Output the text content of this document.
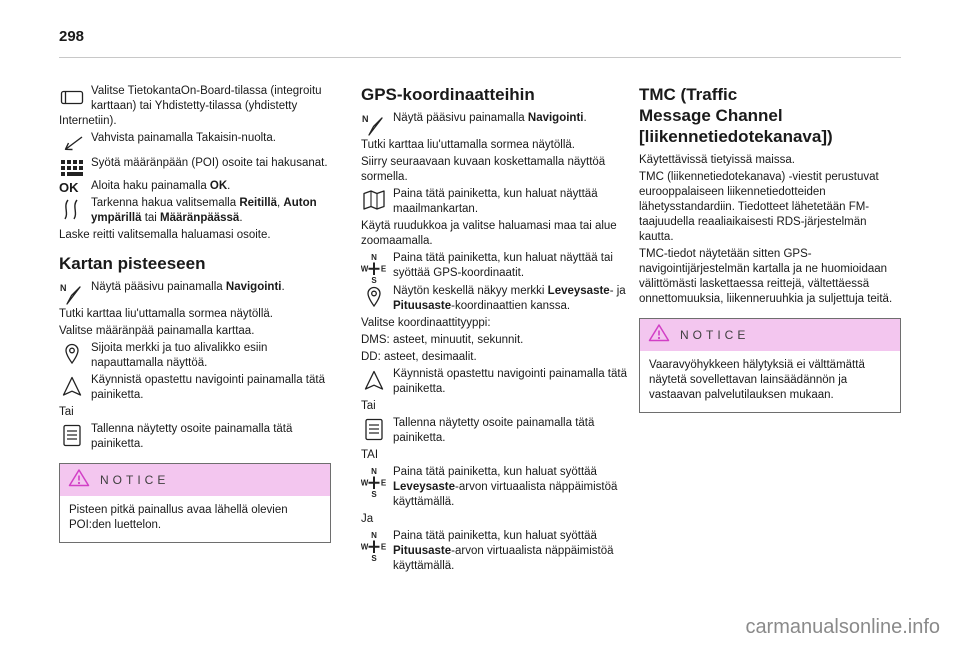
298
Valitse TietokantaOn-Board-tilassa (integroitu karttaan) tai Yhdistetty-tilassa (yhdistetty Internetiin).
Vahvista painamalla Takaisin-nuolta.
Syötä määränpään (POI) osoite tai hakusanat.
OK	Aloita haku painamalla OK.
Tarkenna hakua valitsemalla Reitillä, Auton ympärillä tai Määränpäässä.

Laske reitti valitsemalla haluamasi osoite.

Kartan pisteeseen
N Näytä pääsivu painamalla Navigointi.

Tutki karttaa liu'uttamalla sormea näytöllä.

Valitse määränpää painamalla karttaa.

Sijoita merkki ja tuo alivalikko esiin napauttamalla näyttöä.
Käynnistä opastettu navigointi painamalla tätä painiketta.

Tai

Tallenna näytetty osoite painamalla tätä painiketta.
NOTICE
Pisteen pitkä painallus avaa lähellä olevien POI:den luettelon.
GPS-koordinaatteihin
N Näytä pääsivu painamalla Navigointi.

Tutki karttaa liu'uttamalla sormea näytöllä.

Siirry seuraavaan kuvaan koskettamalla näyttöä sormella.

Paina tätä painiketta, kun haluat näyttää maailmankartan.

Käytä ruudukkoa ja valitse haluamasi maa tai alue zoomaamalla.

N
W E
S
Paina tätä painiketta, kun haluat näyttää tai syöttää GPS-koordinaatit.
Näytön keskellä näkyy merkki Leveysaste- ja Pituusaste-koordinaattien kanssa.

Valitse koordinaattityyppi:

DMS: asteet, minuutit, sekunnit.

DD: asteet, desimaalit.

Käynnistä opastettu navigointi painamalla tätä painiketta.

Tai

Tallenna näytetty osoite painamalla tätä painiketta.

TAI

N
W E
S
Paina tätä painiketta, kun haluat syöttää Leveysaste-arvon virtuaalista näppäimistöä käyttämällä.

Ja

N
W E
S
Paina tätä painiketta, kun haluat syöttää Pituusaste-arvon virtuaalista näppäimistöä käyttämällä.
TMC (Traffic
Message Channel
[liikennetiedotekanava])

Käytettävissä tietyissä maissa.

TMC (liikennetiedotekanava) -viestit perustuvat eurooppalaiseen liikennetiedotteiden lähetysstandardiin. Tiedotteet lähetetään FM-taajuudella reaaliaikaisesti RDS-järjestelmän kautta.

TMC-tiedot näytetään sitten GPS-navigointijärjestelmän kartalla ja ne huomioidaan välittömästi laskettaessa reittejä, vältettäessä onnettomuuksia, liikenneruuhkia ja suljettuja teitä.

NOTICE
Vaaravyöhykkeen hälytyksiä ei välttämättä näytetä sovellettavan lainsäädännön ja vastaavan palvelutilauksen mukaan.
carmanualsonline.info
